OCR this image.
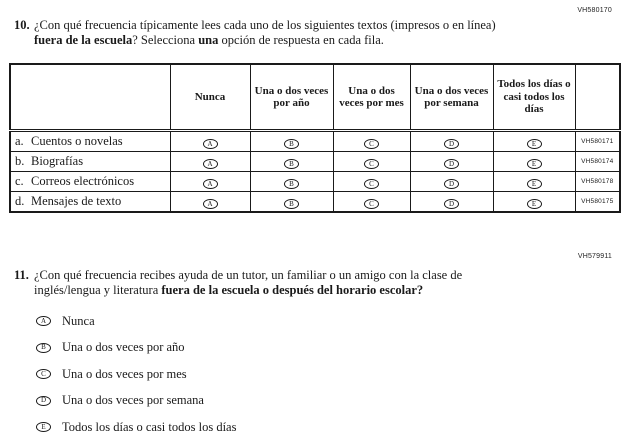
VH580170
10. ¿Con qué frecuencia típicamente lees cada uno de los siguientes textos (impresos o en línea) fuera de la escuela? Selecciona una opción de respuesta en cada fila.
	Nunca	Una o dos veces por año	Una o dos veces por mes	Una o dos veces por semana	Todos los días o casi todos los días	
a. Cuentos o novelas	A	B	C	D	E	VH580171
b. Biografías	A	B	C	D	E	VH580174
c. Correos electrónicos	A	B	C	D	E	VH580178
d. Mensajes de texto	A	B	C	D	E	VH580175
VH579911
11. ¿Con qué frecuencia recibes ayuda de un tutor, un familiar o un amigo con la clase de inglés/lengua y literatura fuera de la escuela o después del horario escolar?
A	Nunca
B	Una o dos veces por año
C	Una o dos veces por mes
D	Una o dos veces por semana
E	Todos los días o casi todos los días
